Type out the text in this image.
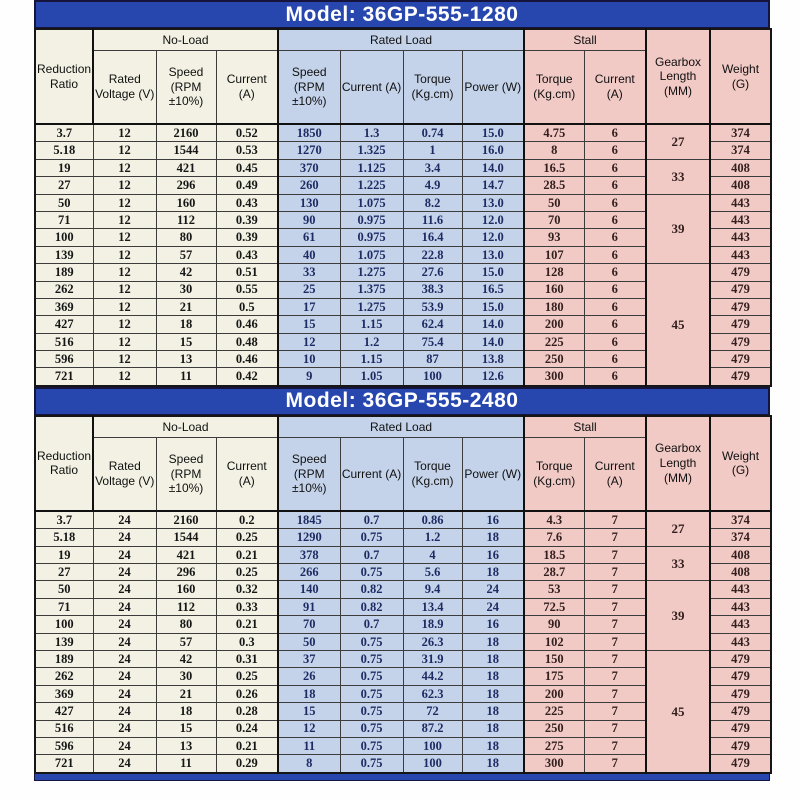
Model: 36GP-555-1280
Reduction Ratio	No-Load			Rated Load				Stall		Gearbox Length (MM)	Weight (G)
	Rated Voltage (V)	Speed (RPM ±10%)	Current (A)	Speed (RPM ±10%)	Current (A)	Torque (Kg.cm)	Power (W)	Torque (Kg.cm)	Current (A)		
3.7	12	2160	0.52	1850	1.3	0.74	15.0	4.75	6	27	374
5.18	12	1544	0.53	1270	1.325	1	16.0	8	6		374
19	12	421	0.45	370	1.125	3.4	14.0	16.5	6	33	408
27	12	296	0.49	260	1.225	4.9	14.7	28.5	6		408
50	12	160	0.43	130	1.075	8.2	13.0	50	6	39	443
71	12	112	0.39	90	0.975	11.6	12.0	70	6		443
100	12	80	0.39	61	0.975	16.4	12.0	93	6		443
139	12	57	0.43	40	1.075	22.8	13.0	107	6		443
189	12	42	0.51	33	1.275	27.6	15.0	128	6	45	479
262	12	30	0.55	25	1.375	38.3	16.5	160	6		479
369	12	21	0.5	17	1.275	53.9	15.0	180	6		479
427	12	18	0.46	15	1.15	62.4	14.0	200	6		479
516	12	15	0.48	12	1.2	75.4	14.0	225	6		479
596	12	13	0.46	10	1.15	87	13.8	250	6		479
721	12	11	0.42	9	1.05	100	12.6	300	6		479
Model: 36GP-555-2480
Reduction Ratio	No-Load			Rated Load				Stall		Gearbox Length (MM)	Weight (G)
	Rated Voltage (V)	Speed (RPM ±10%)	Current (A)	Speed (RPM ±10%)	Current (A)	Torque (Kg.cm)	Power (W)	Torque (Kg.cm)	Current (A)		
3.7	24	2160	0.2	1845	0.7	0.86	16	4.3	7	27	374
5.18	24	1544	0.25	1290	0.75	1.2	18	7.6	7		374
19	24	421	0.21	378	0.7	4	16	18.5	7	33	408
27	24	296	0.25	266	0.75	5.6	18	28.7	7		408
50	24	160	0.32	140	0.82	9.4	24	53	7	39	443
71	24	112	0.33	91	0.82	13.4	24	72.5	7		443
100	24	80	0.21	70	0.7	18.9	16	90	7		443
139	24	57	0.3	50	0.75	26.3	18	102	7		443
189	24	42	0.31	37	0.75	31.9	18	150	7	45	479
262	24	30	0.25	26	0.75	44.2	18	175	7		479
369	24	21	0.26	18	0.75	62.3	18	200	7		479
427	24	18	0.28	15	0.75	72	18	225	7		479
516	24	15	0.24	12	0.75	87.2	18	250	7		479
596	24	13	0.21	11	0.75	100	18	275	7		479
721	24	11	0.29	8	0.75	100	18	300	7		479
